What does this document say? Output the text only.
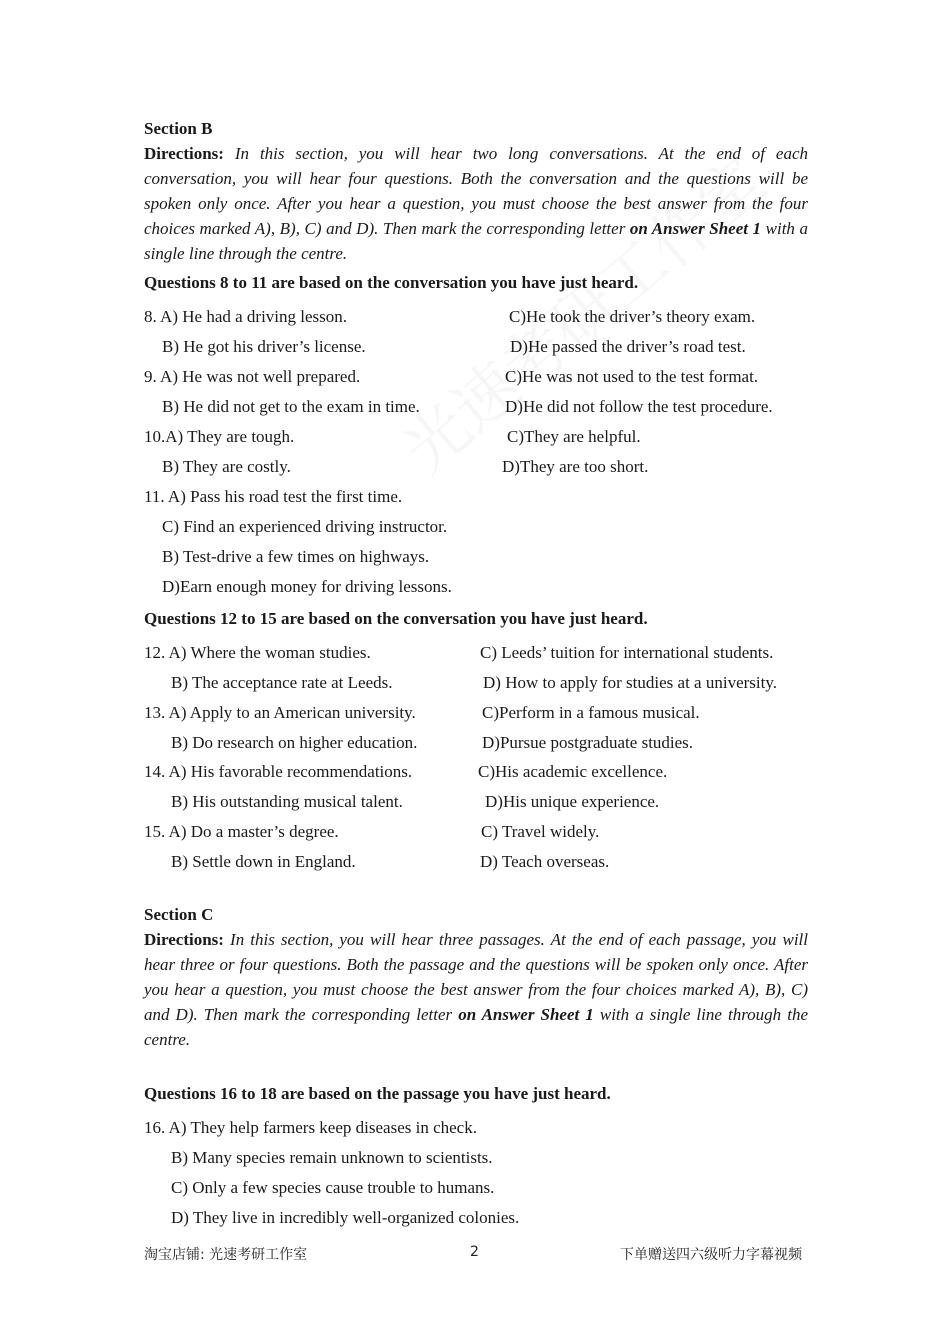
Section B
Directions: In this section, you will hear two long conversations. At the end of each conversation, you will hear four questions. Both the conversation and the questions will be spoken only once. After you hear a question, you must choose the best answer from the four choices marked A), B), C) and D). Then mark the corresponding letter on Answer Sheet 1 with a single line through the centre.
Questions 8 to 11 are based on the conversation you have just heard.
8. A) He had a driving lesson.	C)He took the driver’s theory exam.
B) He got his driver’s license.	D)He passed the driver’s road test.
9. A) He was not well prepared.	C)He was not used to the test format.
B) He did not get to the exam in time.	D)He did not follow the test procedure.
10.A) They are tough.	C)They are helpful.
B) They are costly.	D)They are too short.
11. A) Pass his road test the first time.
C) Find an experienced driving instructor.
B) Test-drive a few times on highways.
D)Earn enough money for driving lessons.
Questions 12 to 15 are based on the conversation you have just heard.
12. A) Where the woman studies.	C) Leeds’ tuition for international students.
B) The acceptance rate at Leeds.	D) How to apply for studies at a university.
13. A) Apply to an American university.	C)Perform in a famous musical.
B) Do research on higher education.	D)Pursue postgraduate studies.
14. A) His favorable recommendations.	C)His academic excellence.
B) His outstanding musical talent.	D)His unique experience.
15. A) Do a master’s degree.	C) Travel widely.
B) Settle down in England.	D) Teach overseas.
Section C
Directions: In this section, you will hear three passages. At the end of each passage, you will hear three or four questions. Both the passage and the questions will be spoken only once. After you hear a question, you must choose the best answer from the four choices marked A), B), C) and D). Then mark the corresponding letter on Answer Sheet 1 with a single line through the centre.
Questions 16 to 18 are based on the passage you have just heard.
16. A) They help farmers keep diseases in check.
B) Many species remain unknown to scientists.
C) Only a few species cause trouble to humans.
D) They live in incredibly well-organized colonies.
淘宝店铺: 光速考研工作室	2	下单赠送四六级听力字幕视频
